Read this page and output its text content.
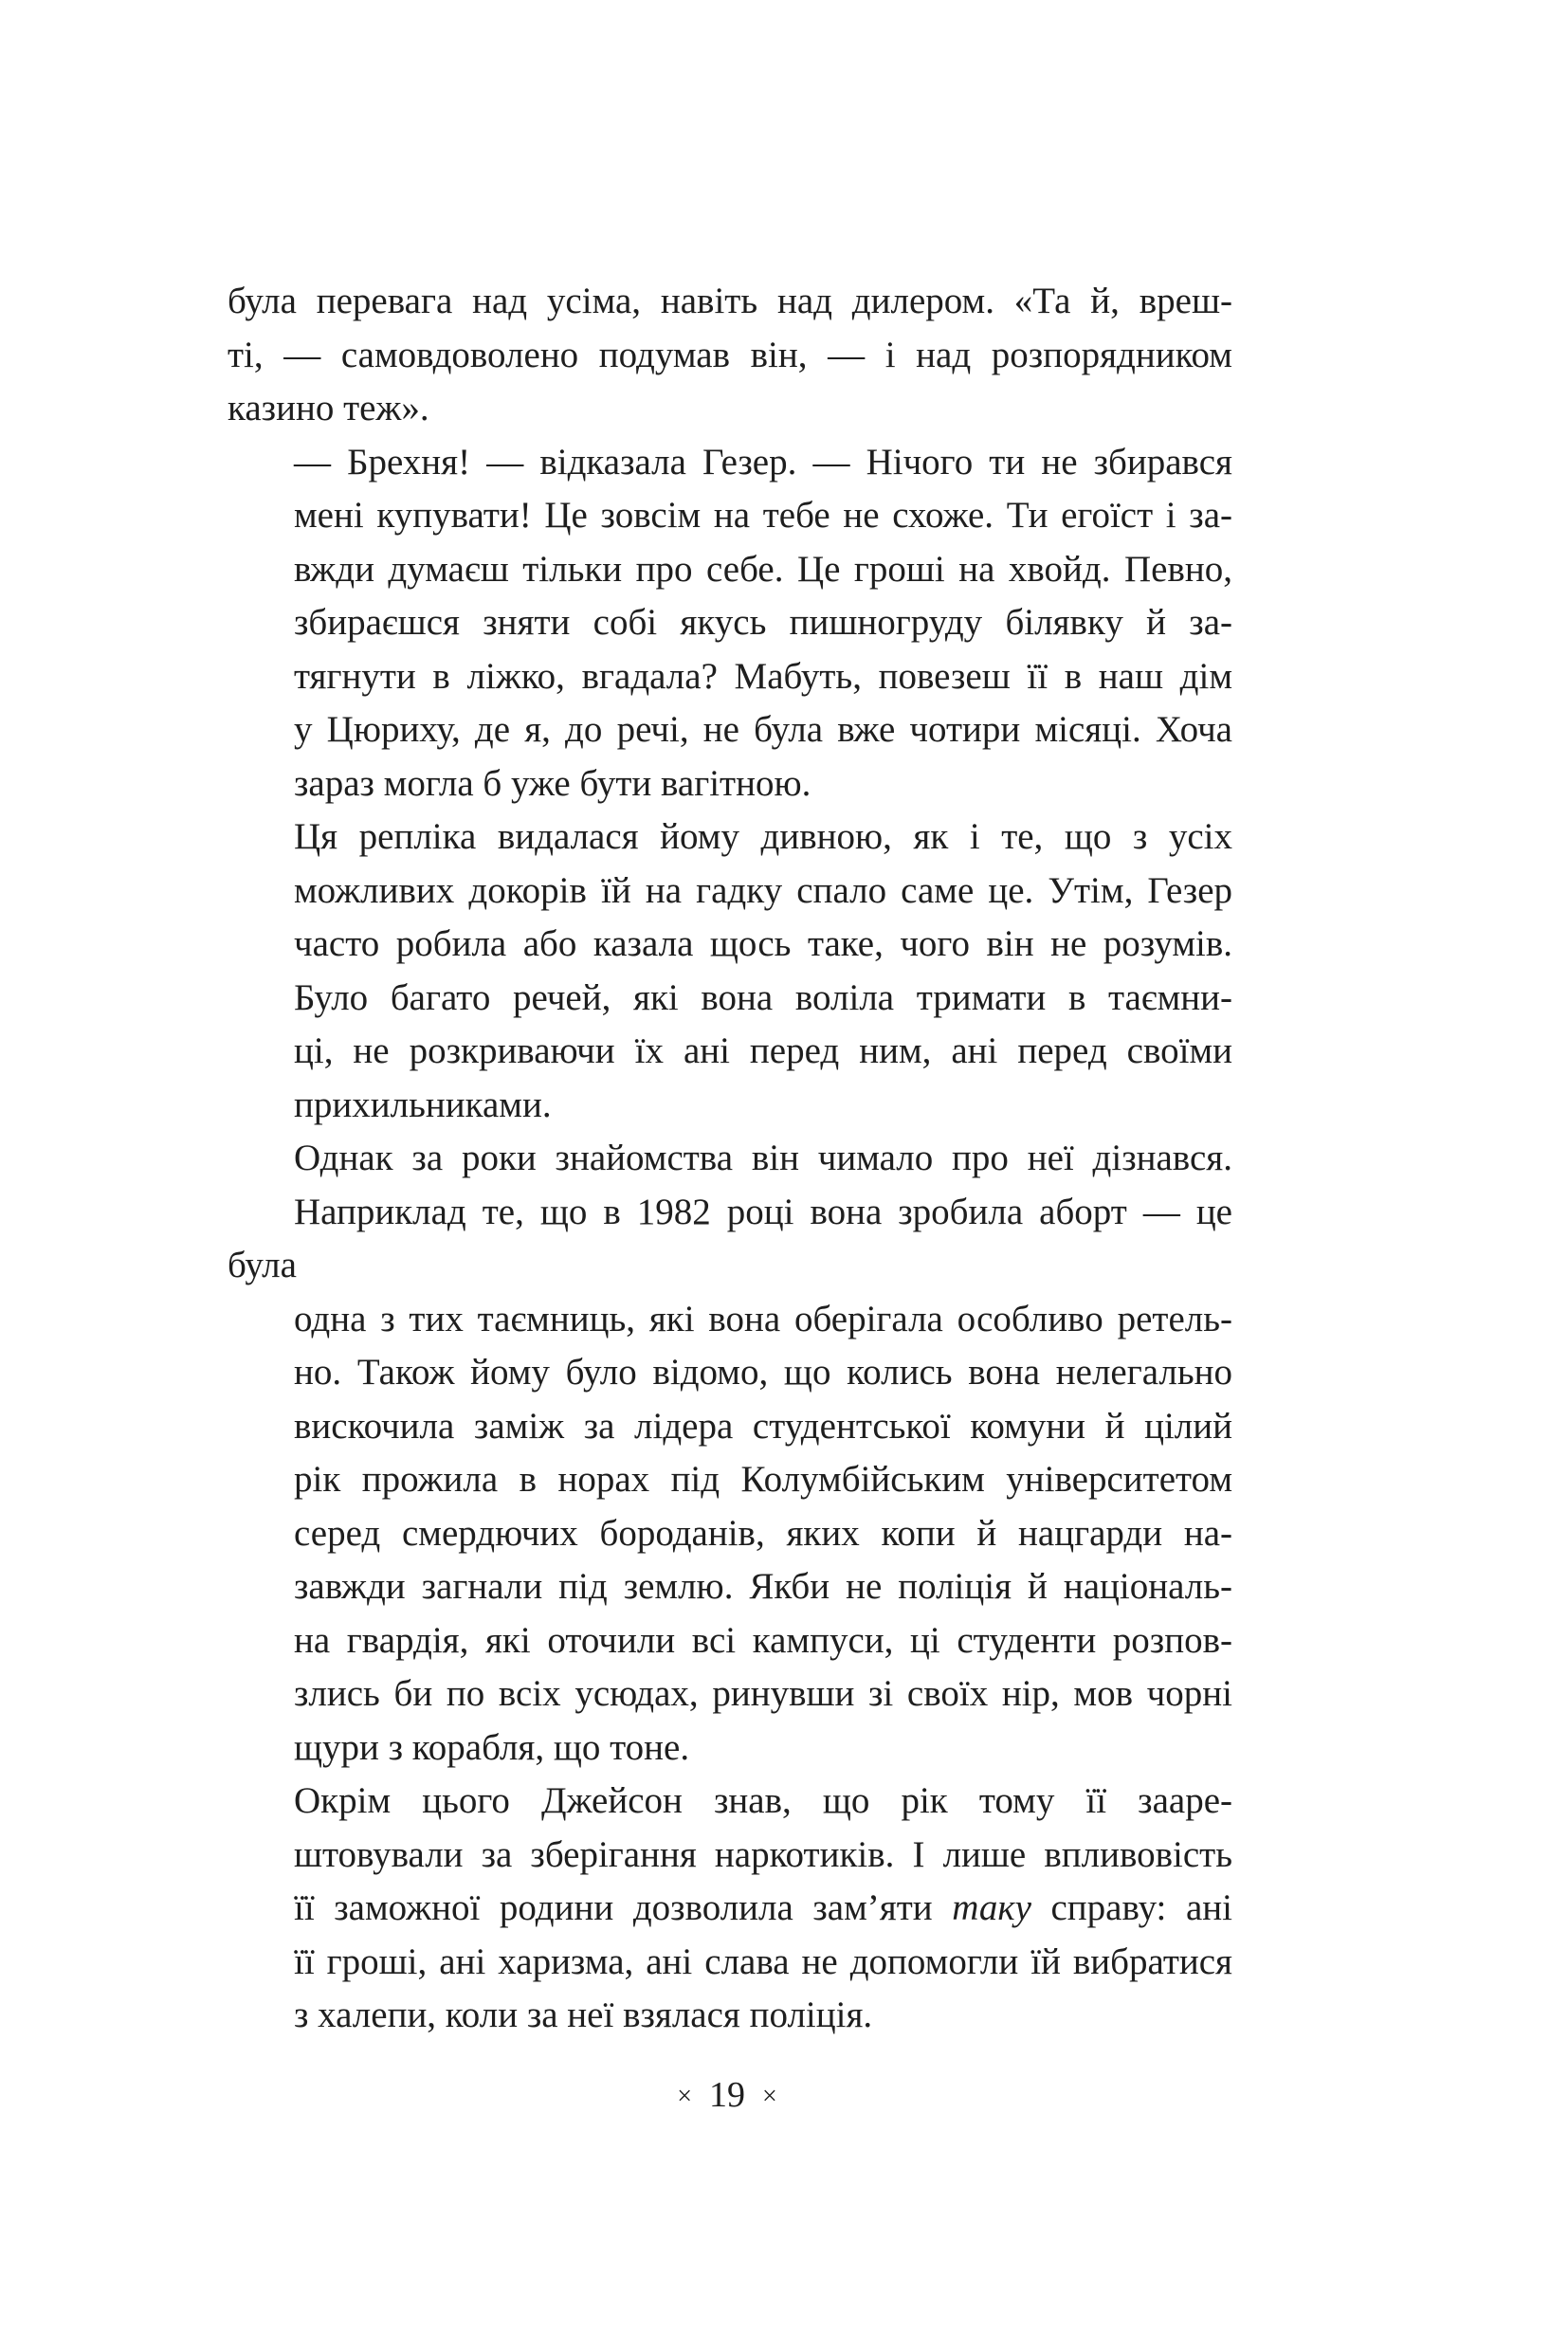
була перевага над усіма, навіть над дилером. «Та й, вреш-
ті, — самовдоволено подумав він, — і над розпорядником
казино теж».

— Брехня! — відказала Гезер. — Нічого ти не збирався
мені купувати! Це зовсім на тебе не схоже. Ти егоїст і за-
вжди думаєш тільки про себе. Це гроші на хвойд. Певно,
збираєшся зняти собі якусь пишногруду білявку й за-
тягнути в ліжко, вгадала? Мабуть, повезеш її в наш дім
у Цюриху, де я, до речі, не була вже чотири місяці. Хоча
зараз могла б уже бути вагітною.

Ця репліка видалася йому дивною, як і те, що з усіх
можливих докорів їй на гадку спало саме це. Утім, Гезер
часто робила або казала щось таке, чого він не розумів.
Було багато речей, які вона воліла тримати в таємни-
ці, не розкриваючи їх ані перед ним, ані перед своїми
прихильниками.

Однак за роки знайомства він чимало про неї дізнався.
Наприклад те, що в 1982 році вона зробила аборт — це була
одна з тих таємниць, які вона оберігала особливо ретель-
но. Також йому було відомо, що колись вона нелегально
вискочила заміж за лідера студентської комуни й цілий
рік прожила в норах під Колумбійським університетом
серед смердючих бороданів, яких копи й нацгарди на-
завжди загнали під землю. Якби не поліція й національ-
на гвардія, які оточили всі кампуси, ці студенти розпов-
злись би по всіх усюдах, ринувши зі своїх нір, мов чорні
щури з корабля, що тоне.

Окрім цього Джейсон знав, що рік тому її зааре-
штовували за зберігання наркотиків. І лише впливовість
її заможної родини дозволила зам’яти таку справу: ані
її гроші, ані харизма, ані слава не допомогли їй вибратися
з халепи, коли за неї взялася поліція.

× 19 ×
